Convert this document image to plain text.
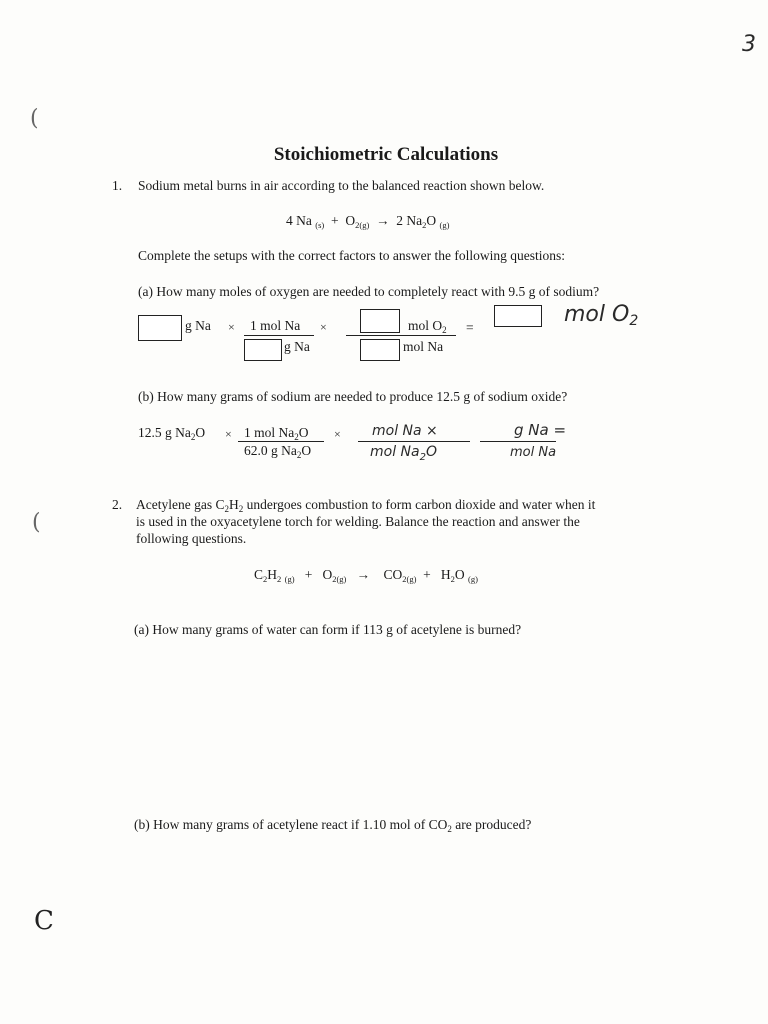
3
(
(
C
Stoichiometric Calculations
1. Sodium metal burns in air according to the balanced reaction shown below.
4 Na $_{(s)} + O_{2(g)} \to 2$ $Na_2O$ $_{(g)}$
Complete the setups with the correct factors to answer the following questions:
(a) How many moles of oxygen are needed to completely react with 9.5 g of sodium?
g Na × 1 mol Na
g Na
×	mol $O_2$
mol Na
=
mol O2
(b) How many grams of sodium are needed to produce 12.5 g of sodium oxide?
12.5 g $Na_2O \times 1$ mol $Na_2O$
62.0 g $Na_2O$
× mol Na ×
mol $Na_2O$
g Na =
mol Na
2. Acetylene gas $C_2H_2$ undergoes combustion to form carbon dioxide and water when it
is used in the oxyacetylene torch for welding. Balance the reaction and answer the
following questions.
$C_2H_2$ $_{(g)} + O_{2(g)} \to CO_{2(g)} + H_2O$ $_{(g)}$
(a) How many grams of water can form if 113 g of acetylene is burned?
(b) How many grams of acetylene react if 1.10 mol of $CO_2$ are produced?
